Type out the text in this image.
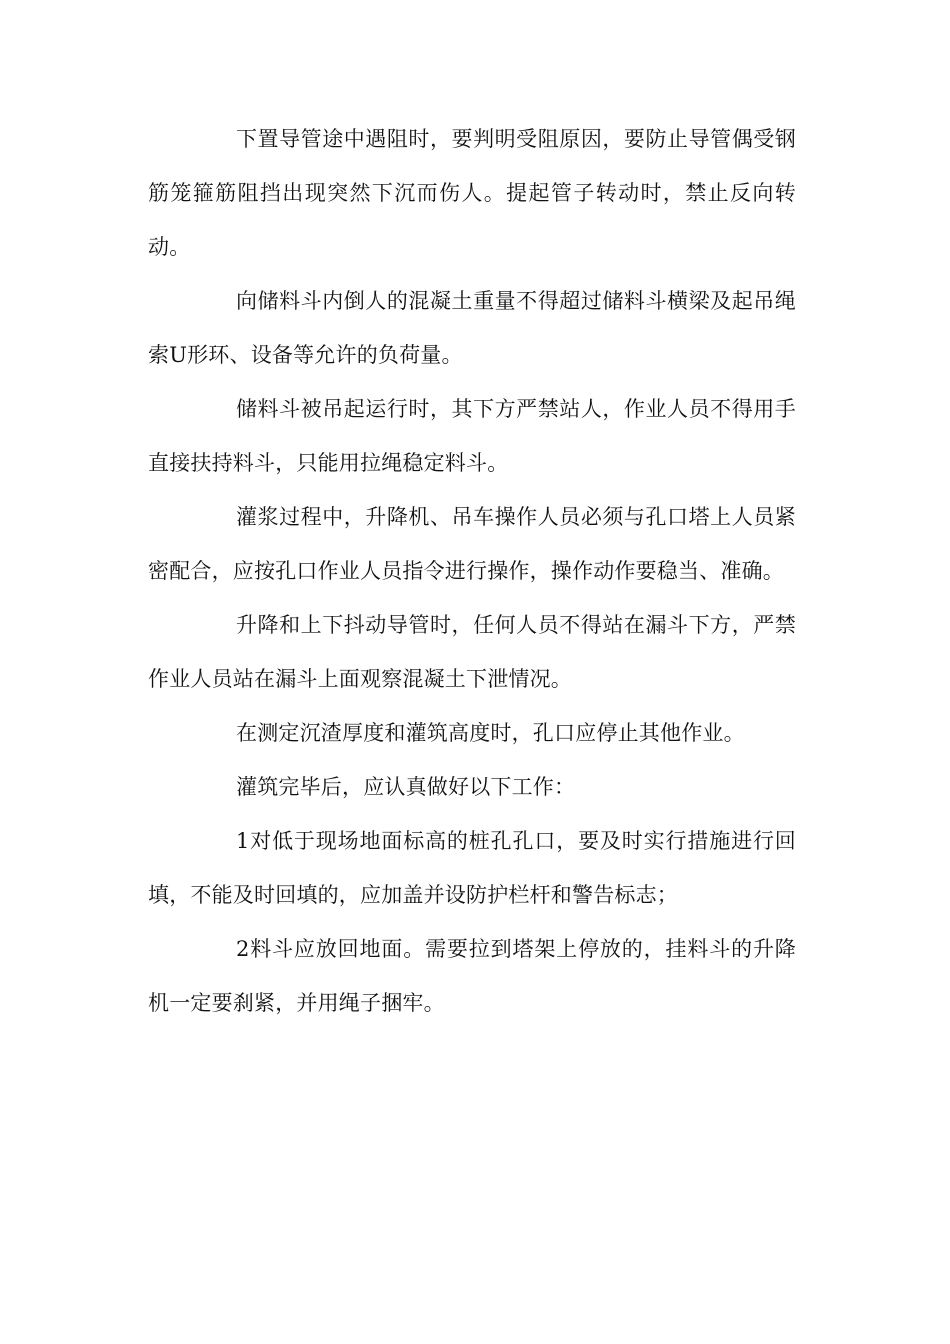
下置导管途中遇阻时，要判明受阻原因，要防止导管偶受钢筋笼箍筋阻挡出现突然下沉而伤人。提起管子转动时，禁止反向转动。

向储料斗内倒人的混凝土重量不得超过储料斗横梁及起吊绳索U形环、设备等允许的负荷量。

储料斗被吊起运行时，其下方严禁站人，作业人员不得用手直接扶持料斗，只能用拉绳稳定料斗。

灌浆过程中，升降机、吊车操作人员必须与孔口塔上人员紧密配合，应按孔口作业人员指令进行操作，操作动作要稳当、准确。

升降和上下抖动导管时，任何人员不得站在漏斗下方，严禁作业人员站在漏斗上面观察混凝土下泄情况。

在测定沉渣厚度和灌筑高度时，孔口应停止其他作业。

灌筑完毕后，应认真做好以下工作：

1对低于现场地面标高的桩孔孔口，要及时实行措施进行回填，不能及时回填的，应加盖并设防护栏杆和警告标志；

2料斗应放回地面。需要拉到塔架上停放的，挂料斗的升降机一定要刹紧，并用绳子捆牢。
